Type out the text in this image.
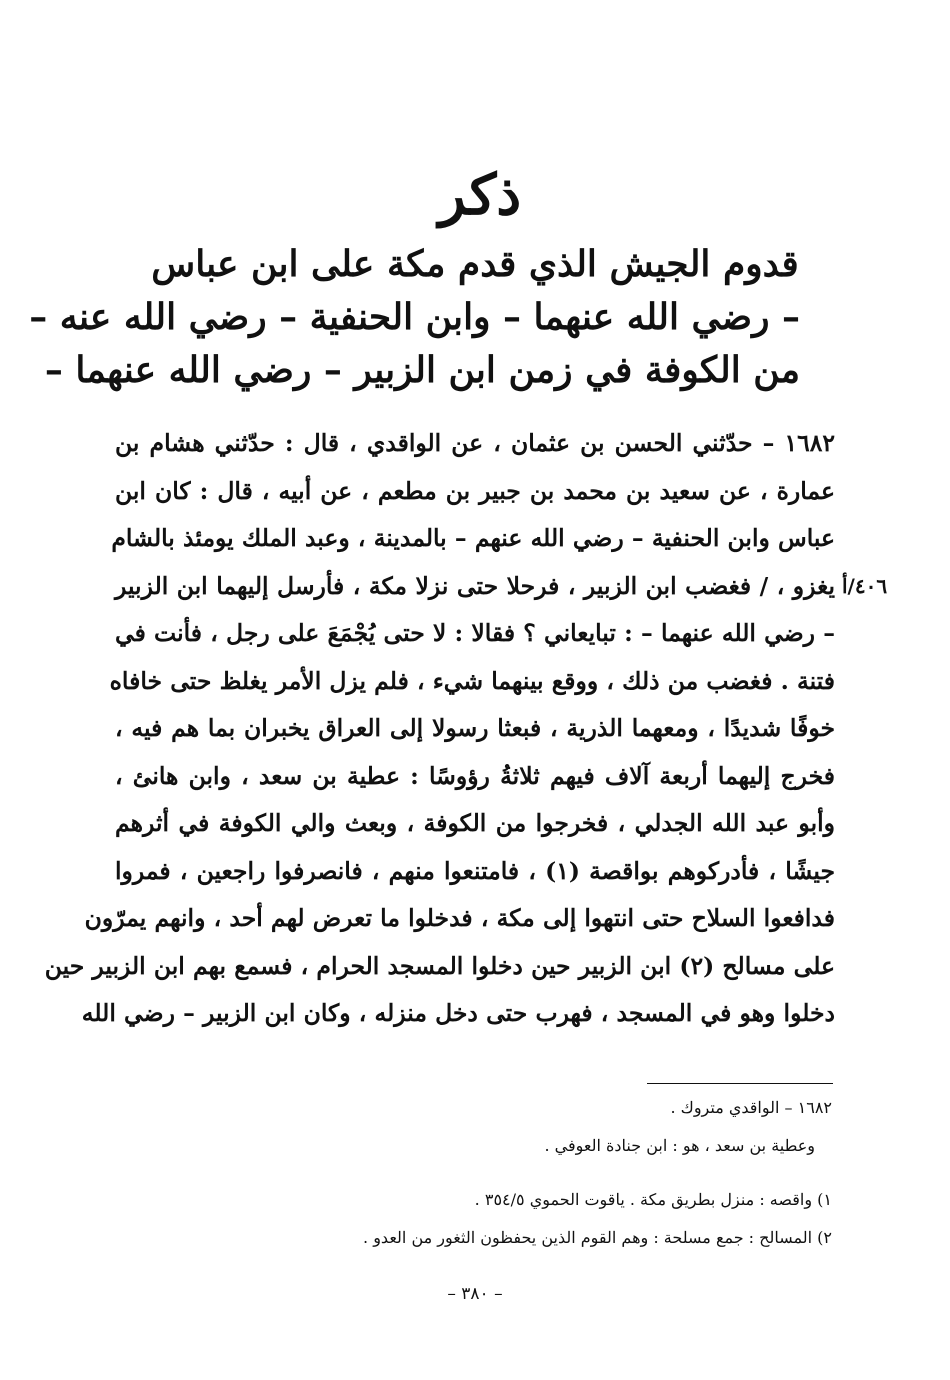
ذكر
قدوم الجيش الذي قدم مكة على ابن عباس
– رضي الله عنهما – وابن الحنفية – رضي الله عنه –
من الكوفة في زمن ابن الزبير – رضي الله عنهما –
١٦٨٢ – حدّثني الحسن بن عثمان ، عن الواقدي ، قال : حدّثني هشام بن
عمارة ، عن سعيد بن محمد بن جبير بن مطعم ، عن أبيه ، قال : كان ابن
عباس وابن الحنفية – رضي الله عنهم – بالمدينة ، وعبد الملك يومئذ بالشام
يغزو ، / فغضب ابن الزبير ، فرحلا حتى نزلا مكة ، فأرسل إليهما ابن الزبير
– رضي الله عنهما – : تبايعاني ؟ فقالا : لا حتى يُجْمَعَ على رجل ، فأنت في
فتنة . فغضب من ذلك ، ووقع بينهما شيء ، فلم يزل الأمر يغلظ حتى خافاه
خوفًا شديدًا ، ومعهما الذرية ، فبعثا رسولا إلى العراق يخبران بما هم فيه ،
فخرج إليهما أربعة آلاف فيهم ثلاثةُ رؤوسًا : عطية بن سعد ، وابن هانئ ،
وأبو عبد الله الجدلي ، فخرجوا من الكوفة ، وبعث والي الكوفة في أثرهم
جيشًا ، فأدركوهم بواقصة (١) ، فامتنعوا منهم ، فانصرفوا راجعين ، فمروا
فدافعوا السلاح حتى انتهوا إلى مكة ، فدخلوا ما تعرض لهم أحد ، وانهم يمرّون
على مسالح (٢) ابن الزبير حين دخلوا المسجد الحرام ، فسمع بهم ابن الزبير حين
دخلوا وهو في المسجد ، فهرب حتى دخل منزله ، وكان ابن الزبير – رضي الله
٤٠٦/أ
١٦٨٢ – الواقدي متروك .
وعطية بن سعد ، هو : ابن جنادة العوفي .
١) واقصه : منزل بطريق مكة . ياقوت الحموي ٣٥٤/٥ .
٢) المسالح : جمع مسلحة : وهم القوم الذين يحفظون الثغور من العدو .
– ٣٨٠ –
